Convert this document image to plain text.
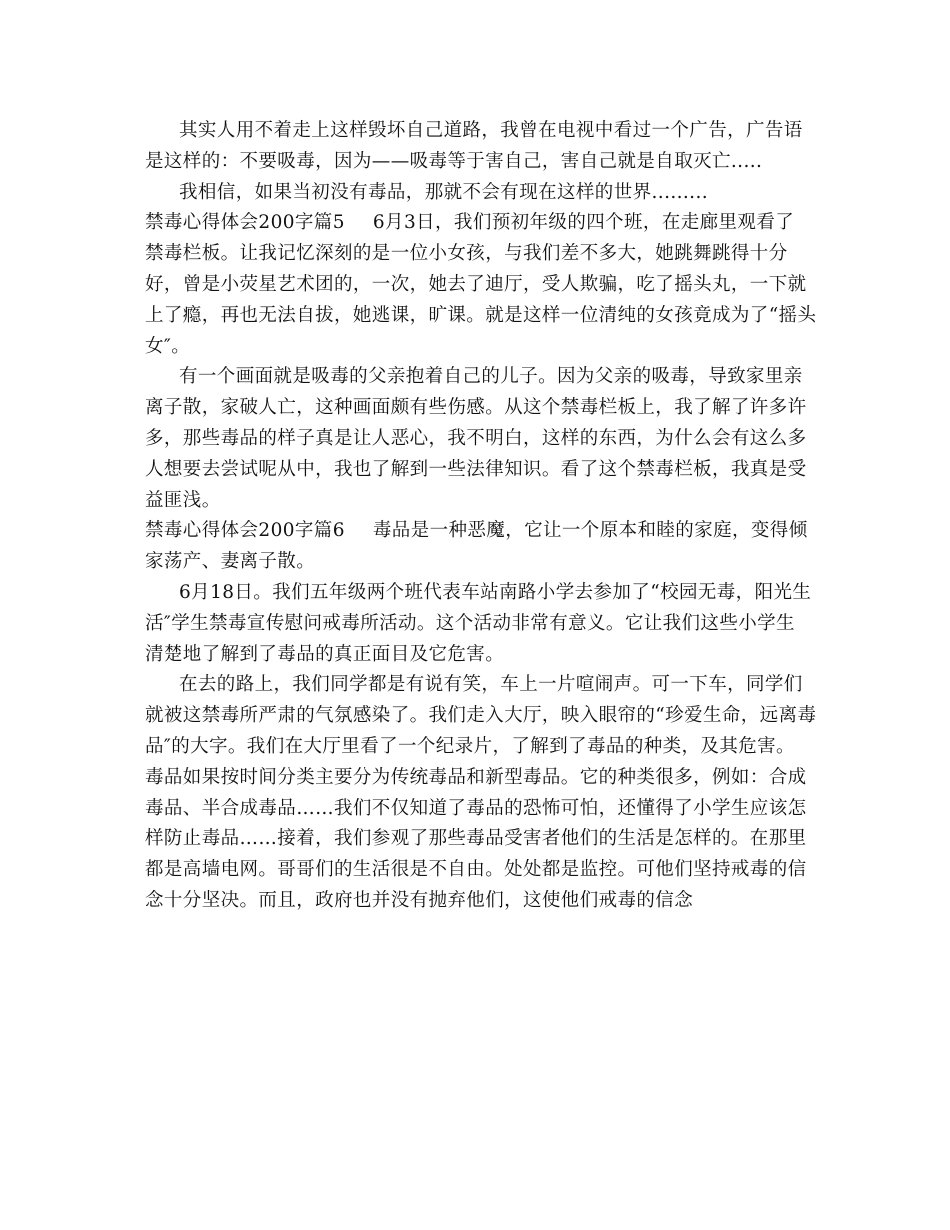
其实人用不着走上这样毁坏自己道路，我曾在电视中看过一个广告，广告语
是这样的：不要吸毒，因为——吸毒等于害自己，害自己就是自取灭亡.....
我相信，如果当初没有毒品，那就不会有现在这样的世界.........
禁毒心得体会200字篇5 6月3日，我们预初年级的四个班，在走廊里观看了
禁毒栏板。让我记忆深刻的是一位小女孩，与我们差不多大，她跳舞跳得十分
好，曾是小荧星艺术团的，一次，她去了迪厅，受人欺骗，吃了摇头丸，一下就
上了瘾，再也无法自拔，她逃课，旷课。就是这样一位清纯的女孩竟成为了“摇头
女″。
有一个画面就是吸毒的父亲抱着自己的儿子。因为父亲的吸毒，导致家里亲
离子散，家破人亡，这种画面颇有些伤感。从这个禁毒栏板上，我了解了许多许
多，那些毒品的样子真是让人恶心，我不明白，这样的东西，为什么会有这么多
人想要去尝试呢从中，我也了解到一些法律知识。看了这个禁毒栏板，我真是受
益匪浅。
禁毒心得体会200字篇6 毒品是一种恶魔，它让一个原本和睦的家庭，变得倾
家荡产、妻离子散。
6月18日。我们五年级两个班代表车站南路小学去参加了“校园无毒，阳光生
活″学生禁毒宣传慰问戒毒所活动。这个活动非常有意义。它让我们这些小学生
清楚地了解到了毒品的真正面目及它危害。
在去的路上，我们同学都是有说有笑，车上一片喧闹声。可一下车，同学们
就被这禁毒所严肃的气氛感染了。我们走入大厅，映入眼帘的“珍爱生命，远离毒
品″的大字。我们在大厅里看了一个纪录片，了解到了毒品的种类，及其危害。
毒品如果按时间分类主要分为传统毒品和新型毒品。它的种类很多，例如：合成
毒品、半合成毒品……我们不仅知道了毒品的恐怖可怕，还懂得了小学生应该怎
样防止毒品……接着，我们参观了那些毒品受害者他们的生活是怎样的。在那里
都是高墙电网。哥哥们的生活很是不自由。处处都是监控。可他们坚持戒毒的信
念十分坚决。而且，政府也并没有抛弃他们，这使他们戒毒的信念
